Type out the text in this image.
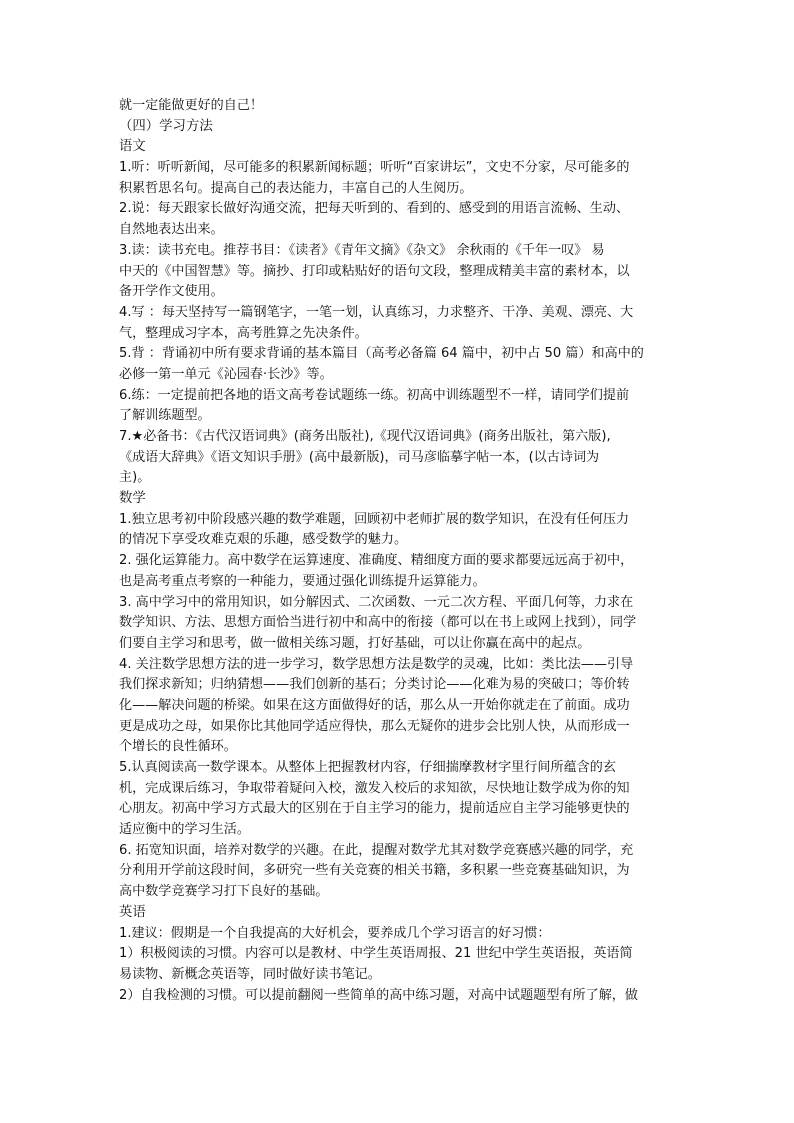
就一定能做更好的自己！
（四）学习方法
语文
1.听：听听新闻，尽可能多的积累新闻标题；听听“百家讲坛”，文史不分家，尽可能多的
积累哲思名句。提高自己的表达能力，丰富自己的人生阅历。
2.说：每天跟家长做好沟通交流，把每天听到的、看到的、感受到的用语言流畅、生动、
自然地表达出来。
3.读：读书充电。推荐书目：《读者》《青年文摘》《杂文》 余秋雨的《千年一叹》 易
中天的《中国智慧》等。摘抄、打印或粘贴好的语句文段，整理成精美丰富的素材本，以
备开学作文使用。
4.写 ：每天坚持写一篇钢笔字，一笔一划，认真练习，力求整齐、干净、美观、漂亮、大
气，整理成习字本，高考胜算之先决条件。
5.背 ：背诵初中所有要求背诵的基本篇目（高考必备篇 64 篇中，初中占 50 篇）和高中的
必修一第一单元《沁园春·长沙》等。
6.练：一定提前把各地的语文高考卷试题练一练。初高中训练题型不一样，请同学们提前
了解训练题型。
7.★必备书：《古代汉语词典》(商务出版社),《现代汉语词典》(商务出版社，第六版),
《成语大辞典》《语文知识手册》(高中最新版)，司马彦临摹字帖一本，(以古诗词为
主)。
数学
1.独立思考初中阶段感兴趣的数学难题，回顾初中老师扩展的数学知识，在没有任何压力
的情况下享受攻难克艰的乐趣，感受数学的魅力。
2. 强化运算能力。高中数学在运算速度、准确度、精细度方面的要求都要远远高于初中，
也是高考重点考察的一种能力，要通过强化训练提升运算能力。
3. 高中学习中的常用知识，如分解因式、二次函数、一元二次方程、平面几何等，力求在
数学知识、方法、思想方面恰当进行初中和高中的衔接（都可以在书上或网上找到），同学
们要自主学习和思考，做一做相关练习题，打好基础，可以让你赢在高中的起点。
4. 关注数学思想方法的进一步学习，数学思想方法是数学的灵魂，比如：类比法——引导
我们探求新知；归纳猜想——我们创新的基石；分类讨论——化难为易的突破口；等价转
化——解决问题的桥梁。如果在这方面做得好的话，那么从一开始你就走在了前面。成功
更是成功之母，如果你比其他同学适应得快，那么无疑你的进步会比别人快，从而形成一
个增长的良性循环。
5.认真阅读高一数学课本。从整体上把握教材内容，仔细揣摩教材字里行间所蕴含的玄
机，完成课后练习，争取带着疑问入校，激发入校后的求知欲，尽快地让数学成为你的知
心朋友。初高中学习方式最大的区别在于自主学习的能力，提前适应自主学习能够更快的
适应衡中的学习生活。
6. 拓宽知识面，培养对数学的兴趣。在此，提醒对数学尤其对数学竞赛感兴趣的同学，充
分利用开学前这段时间，多研究一些有关竞赛的相关书籍，多积累一些竞赛基础知识，为
高中数学竞赛学习打下良好的基础。
英语
1.建议：假期是一个自我提高的大好机会，要养成几个学习语言的好习惯：
1）积极阅读的习惯。内容可以是教材、中学生英语周报、21 世纪中学生英语报，英语简
易读物、新概念英语等，同时做好读书笔记。
2）自我检测的习惯。可以提前翻阅一些简单的高中练习题，对高中试题题型有所了解，做
